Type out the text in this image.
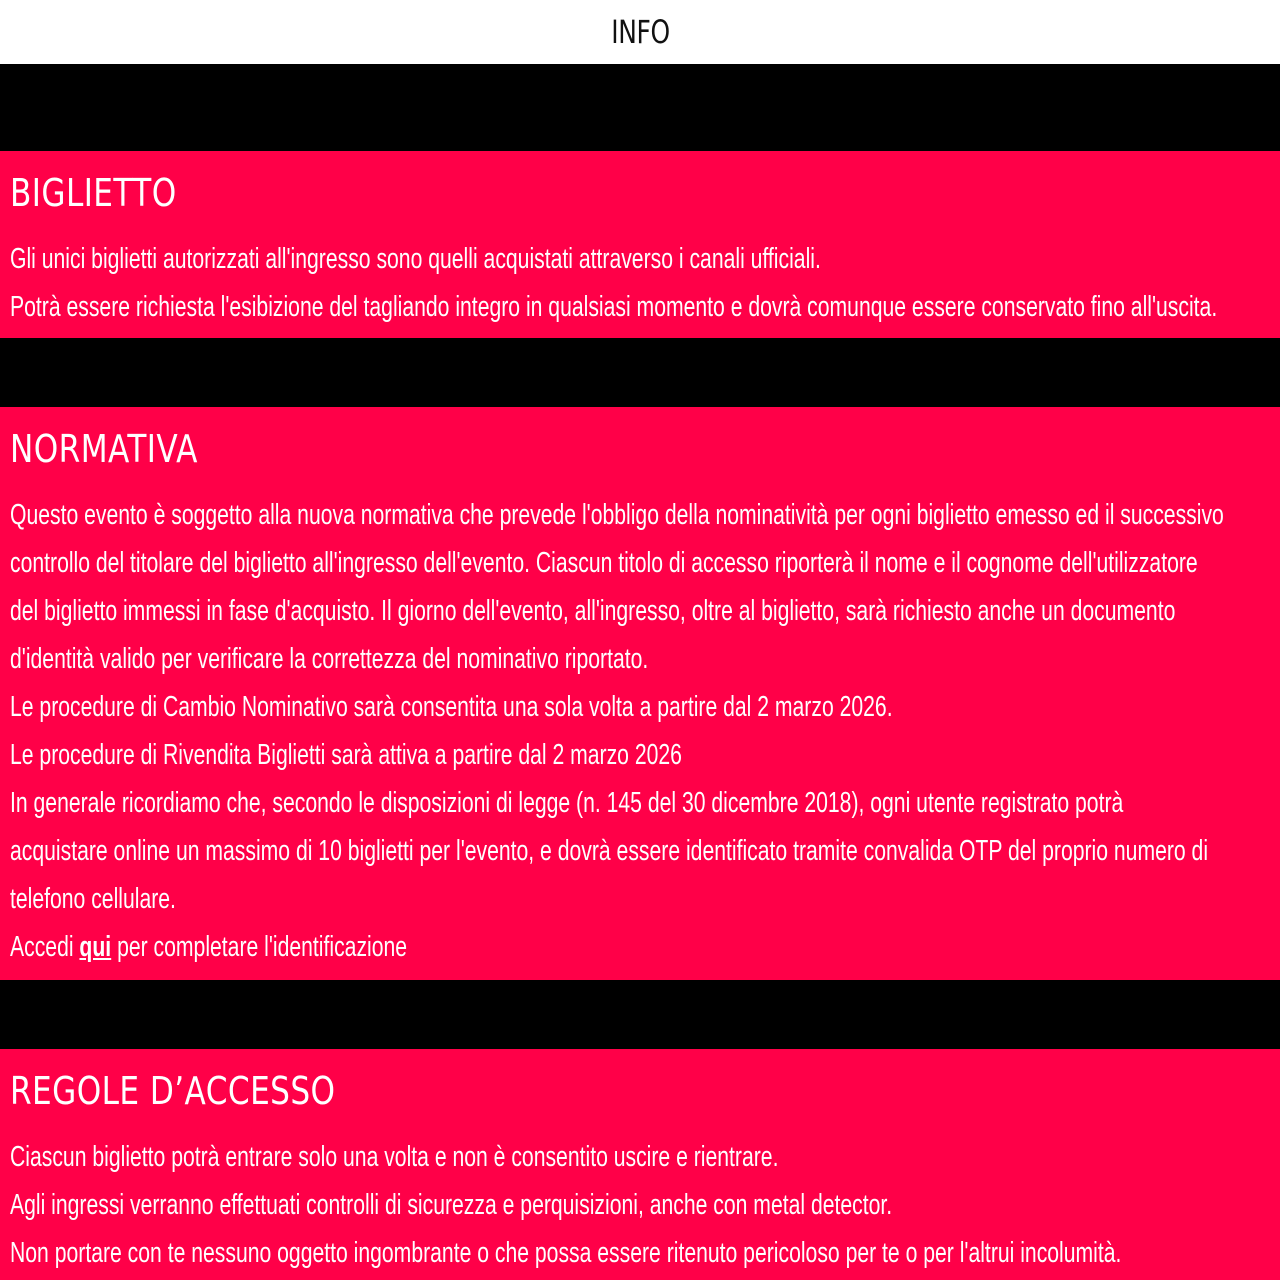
INFO
BIGLIETTO
Gli unici biglietti autorizzati all'ingresso sono quelli acquistati attraverso i canali ufficiali.
Potrà essere richiesta l'esibizione del tagliando integro in qualsiasi momento e dovrà comunque essere conservato fino all'uscita.
NORMATIVA
Questo evento è soggetto alla nuova normativa che prevede l'obbligo della nominatività per ogni biglietto emesso ed il successivo
controllo del titolare del biglietto all'ingresso dell'evento. Ciascun titolo di accesso riporterà il nome e il cognome dell'utilizzatore
del biglietto immessi in fase d'acquisto. Il giorno dell'evento, all'ingresso, oltre al biglietto, sarà richiesto anche un documento
d'identità valido per verificare la correttezza del nominativo riportato.
Le procedure di Cambio Nominativo sarà consentita una sola volta a partire dal 2 marzo 2026.
Le procedure di Rivendita Biglietti sarà attiva a partire dal 2 marzo 2026
In generale ricordiamo che, secondo le disposizioni di legge (n. 145 del 30 dicembre 2018), ogni utente registrato potrà
acquistare online un massimo di 10 biglietti per l'evento, e dovrà essere identificato tramite convalida OTP del proprio numero di
telefono cellulare.
Accedi qui per completare l'identificazione
REGOLE D’ACCESSO
Ciascun biglietto potrà entrare solo una volta e non è consentito uscire e rientrare.
Agli ingressi verranno effettuati controlli di sicurezza e perquisizioni, anche con metal detector.
Non portare con te nessuno oggetto ingombrante o che possa essere ritenuto pericoloso per te o per l'altrui incolumità.
